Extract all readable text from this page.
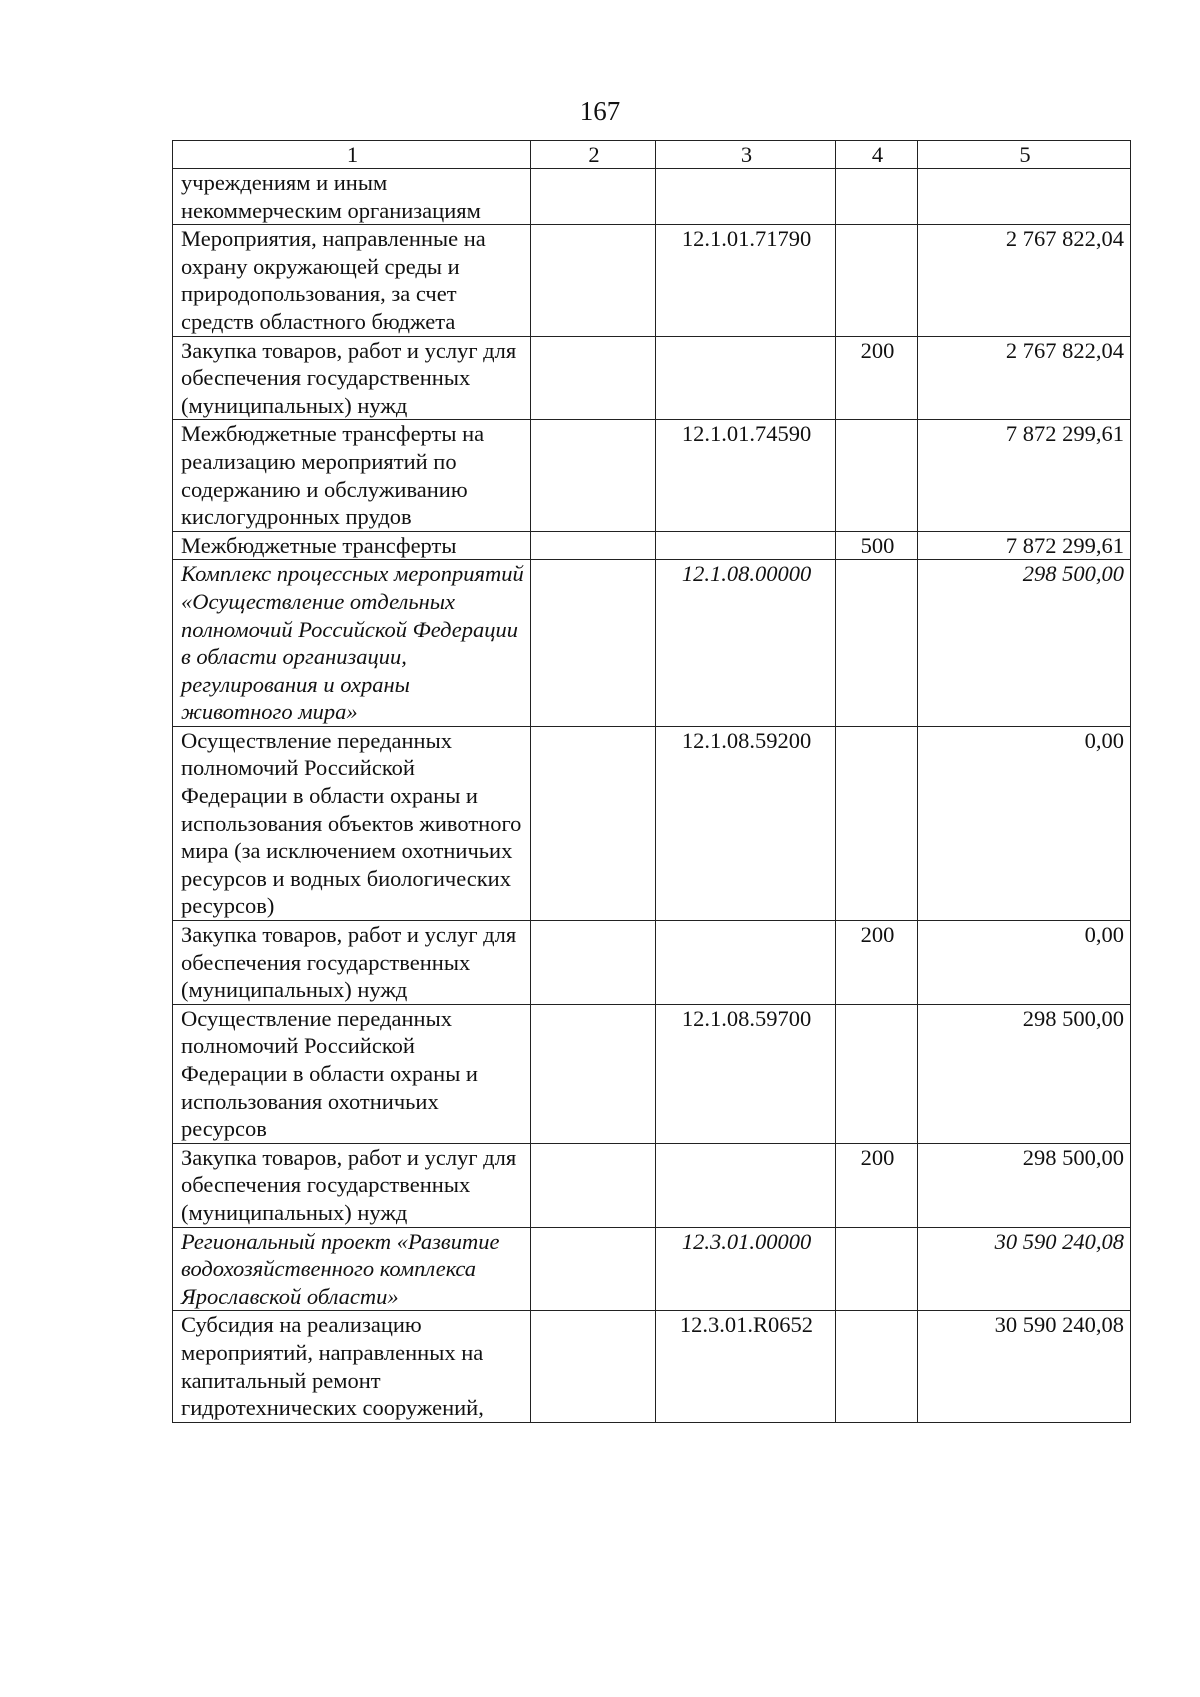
167
1	2	3	4	5
учреждениям и иным некоммерческим организациям				
Мероприятия, направленные на охрану окружающей среды и природопользования, за счет средств областного бюджета		12.1.01.71790		2 767 822,04
Закупка товаров, работ и услуг для обеспечения государственных (муниципальных) нужд			200	2 767 822,04
Межбюджетные трансферты на реализацию мероприятий по содержанию и обслуживанию кислогудронных прудов		12.1.01.74590		7 872 299,61
Межбюджетные трансферты			500	7 872 299,61
Комплекс процессных мероприятий «Осуществление отдельных полномочий Российской Федерации в области организации, регулирования и охраны животного мира»		12.1.08.00000		298 500,00
Осуществление переданных полномочий Российской Федерации в области охраны и использования объектов животного мира (за исключением охотничьих ресурсов и водных биологических ресурсов)		12.1.08.59200		0,00
Закупка товаров, работ и услуг для обеспечения государственных (муниципальных) нужд			200	0,00
Осуществление переданных полномочий Российской Федерации в области охраны и использования охотничьих ресурсов		12.1.08.59700		298 500,00
Закупка товаров, работ и услуг для обеспечения государственных (муниципальных) нужд			200	298 500,00
Региональный проект «Развитие водохозяйственного комплекса Ярославской области»		12.3.01.00000		30 590 240,08
Субсидия на реализацию мероприятий, направленных на капитальный ремонт гидротехнических сооружений,		12.3.01.R0652		30 590 240,08
